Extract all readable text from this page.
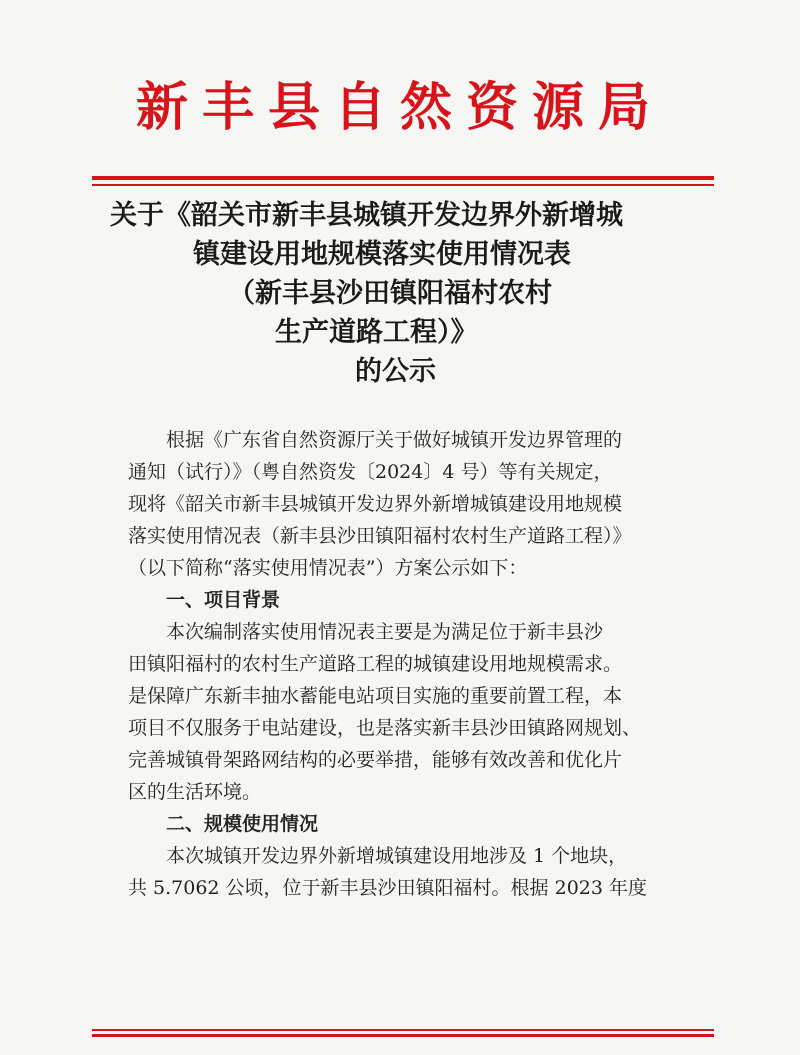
新丰县自然资源局
关于《韶关市新丰县城镇开发边界外新增城
镇建设用地规模落实使用情况表
（新丰县沙田镇阳福村农村
生产道路工程）》
的公示
根据《广东省自然资源厅关于做好城镇开发边界管理的
通知（试行）》（粤自然资发〔2024〕4 号）等有关规定，
现将《韶关市新丰县城镇开发边界外新增城镇建设用地规模
落实使用情况表（新丰县沙田镇阳福村农村生产道路工程）》
（以下简称“落实使用情况表”）方案公示如下：
一、项目背景
本次编制落实使用情况表主要是为满足位于新丰县沙
田镇阳福村的农村生产道路工程的城镇建设用地规模需求。
是保障广东新丰抽水蓄能电站项目实施的重要前置工程，本
项目不仅服务于电站建设，也是落实新丰县沙田镇路网规划、
完善城镇骨架路网结构的必要举措，能够有效改善和优化片
区的生活环境。
二、规模使用情况
本次城镇开发边界外新增城镇建设用地涉及 1 个地块，
共 5.7062 公顷，位于新丰县沙田镇阳福村。根据 2023 年度
